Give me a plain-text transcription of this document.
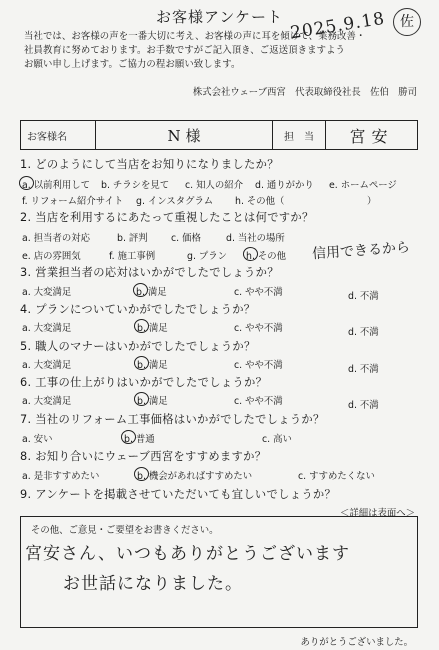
お客様アンケート 2025.9.18 佐
当社では、お客様の声を一番大切に考え、お客様の声に耳を傾けて、業務改善・
社員教育に努めております。お手数ですがご記入頂き、ご返送頂きますよう
お願い申し上げます。ご協力の程お願い致します。
株式会社ウェーブ西宮　代表取締役社長　佐伯　勝司
お客様名	N 様	担　当	宮安
1. どのようにして当店をお知りになりましたか？
a. 以前利用して b. チラシを見て c. 知人の紹介 d. 通りがかり e. ホームページ
f. リフォーム紹介サイト g. インスタグラム h. その他（	）
2. 当店を利用するにあたって重視したことは何ですか？
a. 担当者の対応	b. 評判 c. 価格	d. 当社の場所
e. 店の雰囲気	f. 施工事例	g. プラン h. その他 信用できるから
3. 営業担当者の応対はいかがでしたでしょうか？
a. 大変満足	b. 満足	c. やや不満	d. 不満
4. プランについていかがでしたでしょうか？
a. 大変満足	b. 満足	c. やや不満	d. 不満
5. 職人のマナーはいかがでしたでしょうか？
a. 大変満足	b. 満足	c. やや不満	d. 不満
6. 工事の仕上がりはいかがでしたでしょうか？
a. 大変満足	b. 満足	c. やや不満	d. 不満
7. 当社のリフォーム工事価格はいかがでしたでしょうか？
a. 安い	b. 普通	c. 高い
8. お知り合いにウェーブ西宮をすすめますか？
a. 是非すすめたい	b. 機会があればすすめたい	c. すすめたくない
9. アンケートを掲載させていただいても宜しいでしょうか？
＜詳細は表面へ＞
その他、ご意見・ご要望をお書きください。
宮安さん、いつもありがとうございます
お世話になりました。
ありがとうございました。
